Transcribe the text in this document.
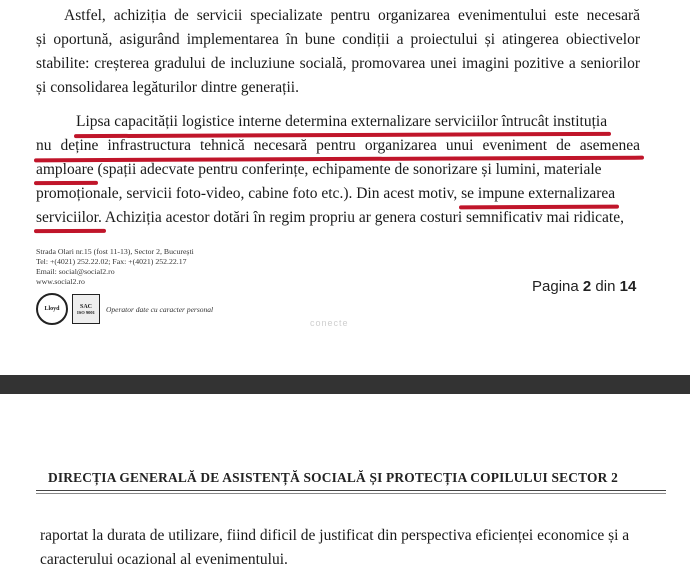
Astfel, achiziția de servicii specializate pentru organizarea evenimentului este necesară
și oportună, asigurând implementarea în bune condiții a proiectului și atingerea obiectivelor
stabilite: creșterea gradului de incluziune socială, promovarea unei imagini pozitive a seniorilor
și consolidarea legăturilor dintre generații.
Lipsa capacității logistice interne determina externalizare serviciilor întrucât instituția
nu deține infrastructura tehnică necesară pentru organizarea unui eveniment de asemenea
amploare (spații adecvate pentru conferințe, echipamente de sonorizare și lumini, materiale
promoționale, servicii foto-video, cabine foto etc.). Din acest motiv, se impune externalizarea
serviciilor. Achiziția acestor dotări în regim propriu ar genera costuri semnificativ mai ridicate,
Strada Olari nr.15 (fost 11-13), Sector 2, București
Tel: +(4021) 252.22.02; Fax: +(4021) 252.22.17
Email: social@social2.ro
www.social2.ro
Lloyd	SAC
ISO 9001 Operator date cu caracter personal
Pagina 2 din 14
conecte
DIRECȚIA GENERALĂ DE ASISTENȚĂ SOCIALĂ ȘI PROTECȚIA COPILULUI SECTOR 2
raportat la durata de utilizare, fiind dificil de justificat din perspectiva eficienței economice și a
caracterului ocazional al evenimentului.
